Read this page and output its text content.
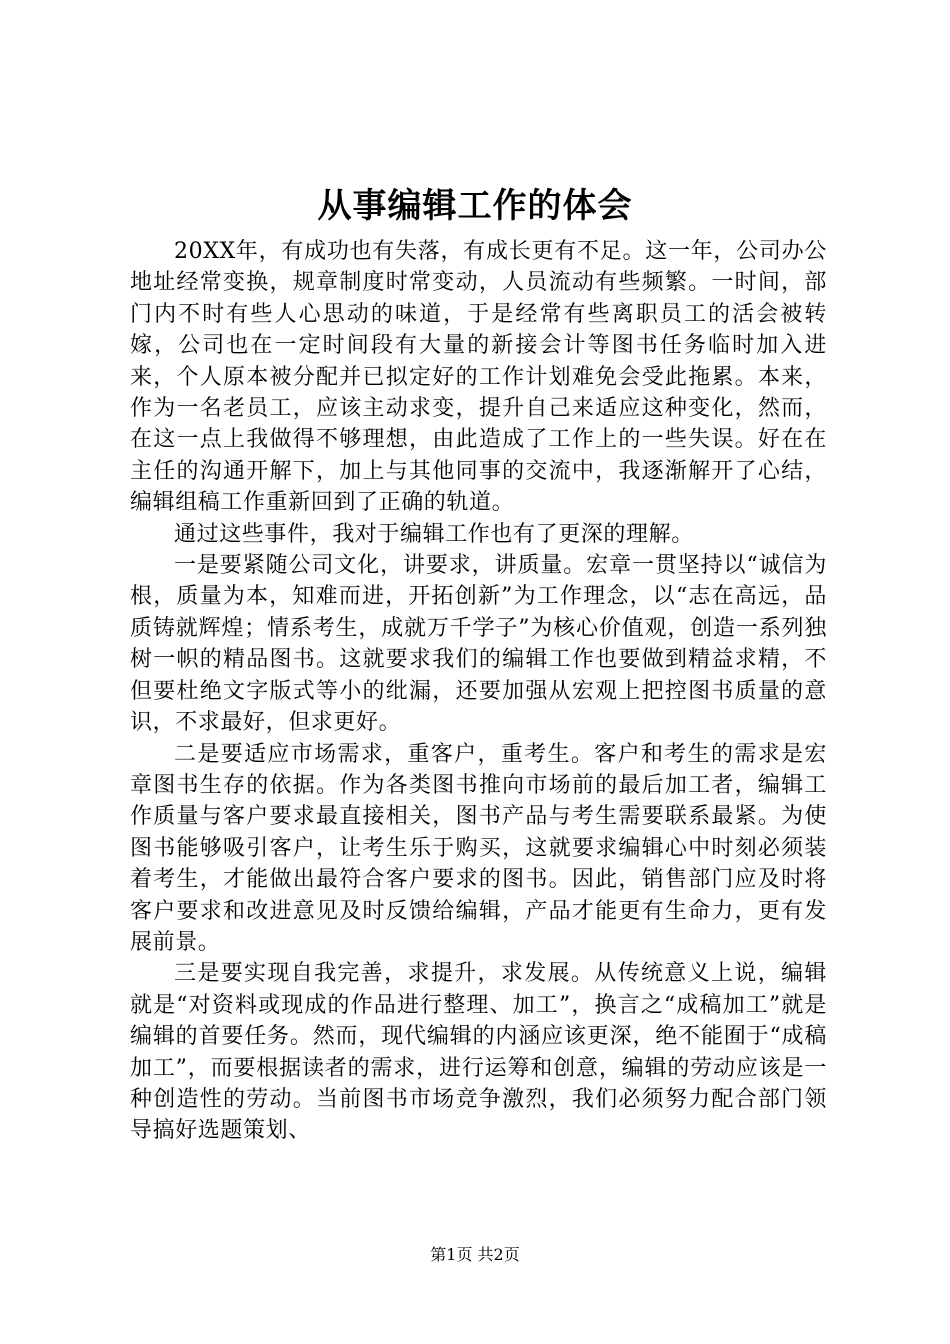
从事编辑工作的体会

20XX年，有成功也有失落，有成长更有不足。这一年，公司办公地址经常变换，规章制度时常变动，人员流动有些频繁。一时间，部门内不时有些人心思动的味道，于是经常有些离职员工的活会被转嫁，公司也在一定时间段有大量的新接会计等图书任务临时加入进来，个人原本被分配并已拟定好的工作计划难免会受此拖累。本来，作为一名老员工，应该主动求变，提升自己来适应这种变化，然而，在这一点上我做得不够理想，由此造成了工作上的一些失误。好在在主任的沟通开解下，加上与其他同事的交流中，我逐渐解开了心结，编辑组稿工作重新回到了正确的轨道。

通过这些事件，我对于编辑工作也有了更深的理解。

一是要紧随公司文化，讲要求，讲质量。宏章一贯坚持以“诚信为根，质量为本，知难而进，开拓创新”为工作理念，以“志在高远，品质铸就辉煌；情系考生，成就万千学子”为核心价值观，创造一系列独树一帜的精品图书。这就要求我们的编辑工作也要做到精益求精，不但要杜绝文字版式等小的纰漏，还要加强从宏观上把控图书质量的意识，不求最好，但求更好。

二是要适应市场需求，重客户，重考生。客户和考生的需求是宏章图书生存的依据。作为各类图书推向市场前的最后加工者，编辑工作质量与客户要求最直接相关，图书产品与考生需要联系最紧。为使图书能够吸引客户，让考生乐于购买，这就要求编辑心中时刻必须装着考生，才能做出最符合客户要求的图书。因此，销售部门应及时将客户要求和改进意见及时反馈给编辑，产品才能更有生命力，更有发展前景。

三是要实现自我完善，求提升，求发展。从传统意义上说，编辑就是“对资料或现成的作品进行整理、加工”，换言之“成稿加工”就是编辑的首要任务。然而，现代编辑的内涵应该更深，绝不能囿于“成稿加工”，而要根据读者的需求，进行运筹和创意，编辑的劳动应该是一种创造性的劳动。当前图书市场竞争激烈，我们必须努力配合部门领导搞好选题策划、

第1页 共2页
